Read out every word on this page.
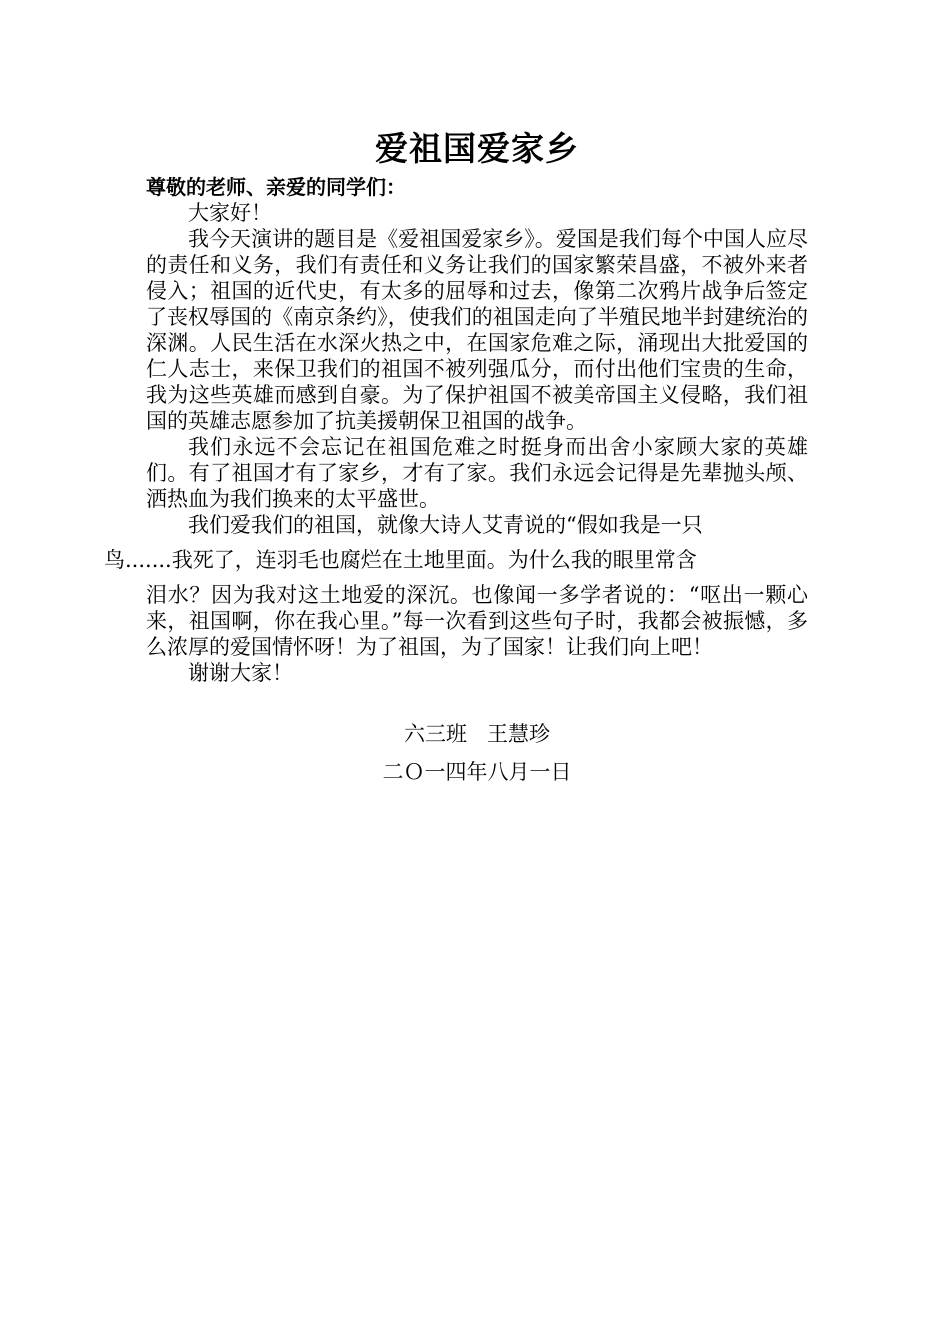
爱祖国爱家乡
尊敬的老师、亲爱的同学们：

大家好！

我今天演讲的题目是《爱祖国爱家乡》。爱国是我们每个中国人应尽的责任和义务，我们有责任和义务让我们的国家繁荣昌盛，不被外来者侵入；祖国的近代史，有太多的屈辱和过去，像第二次鸦片战争后签定了丧权辱国的《南京条约》，使我们的祖国走向了半殖民地半封建统治的深渊。人民生活在水深火热之中，在国家危难之际，涌现出大批爱国的仁人志士，来保卫我们的祖国不被列强瓜分，而付出他们宝贵的生命，我为这些英雄而感到自豪。为了保护祖国不被美帝国主义侵略，我们祖国的英雄志愿参加了抗美援朝保卫祖国的战争。

我们永远不会忘记在祖国危难之时挺身而出舍小家顾大家的英雄们。有了祖国才有了家乡，才有了家。我们永远会记得是先辈抛头颅、洒热血为我们换来的太平盛世。

我们爱我们的祖国，就像大诗人艾青说的“假如我是一只
鸟.......我死了，连羽毛也腐烂在土地里面。为什么我的眼里常含
泪水？因为我对这土地爱的深沉。也像闻一多学者说的：“呕出一颗心来，祖国啊，你在我心里。”每一次看到这些句子时，我都会被振憾，多么浓厚的爱国情怀呀！为了祖国，为了国家！让我们向上吧！

谢谢大家！

六三班   王慧珍
二Ｏ一四年八月一日
